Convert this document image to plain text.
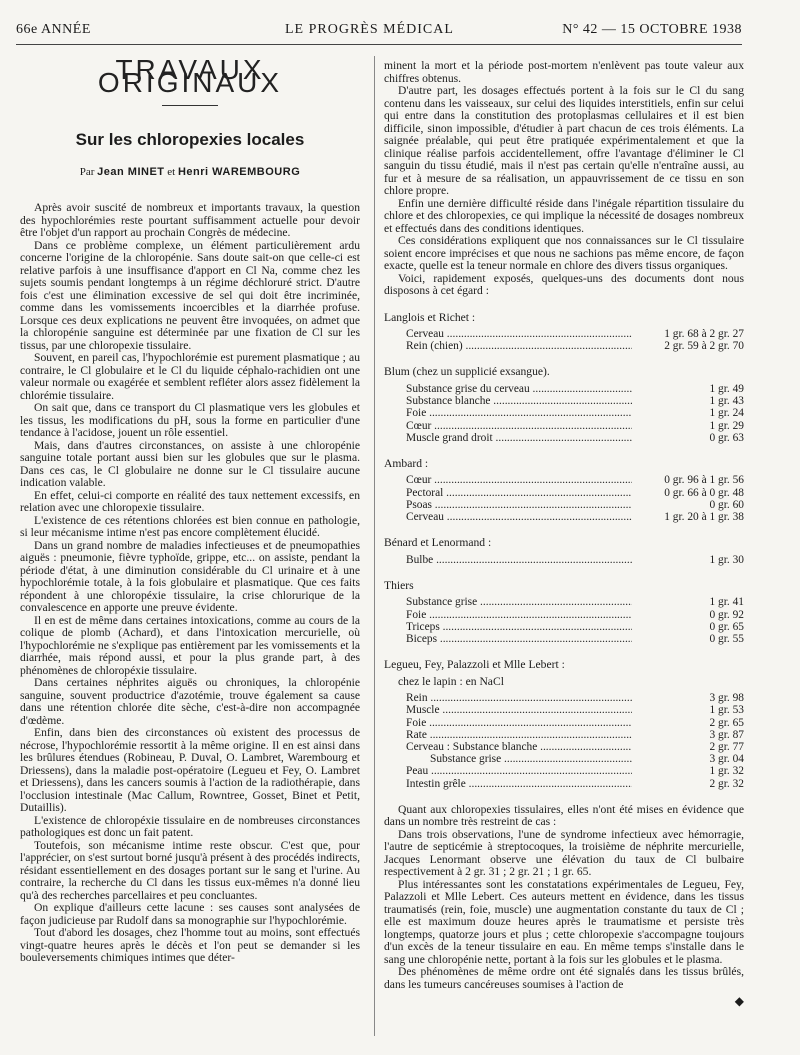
66e ANNÉE	LE PROGRÈS MÉDICAL	N° 42 — 15 OCTOBRE 1938
TRAVAUX ORIGINAUX
Sur les chloropexies locales
Par Jean MINET et Henri WAREMBOURG

Après avoir suscité de nombreux et importants travaux, la question des hypochlorémies reste pourtant suffisamment actuelle pour devoir être l'objet d'un rapport au prochain Congrès de médecine.

Dans ce problème complexe, un élément particulièrement ardu concerne l'origine de la chloropénie. Sans doute sait-on que celle-ci est relative parfois à une insuffisance d'apport en Cl Na, comme chez les sujets soumis pendant longtemps à un régime déchloruré strict. D'autre fois c'est une élimination excessive de sel qui doit être incriminée, comme dans les vomissements incoercibles et la diarrhée profuse. Lorsque ces deux explications ne peuvent être invoquées, on admet que la chloropénie sanguine est déterminée par une fixation de Cl sur les tissus, par une chloropexie tissulaire.

Souvent, en pareil cas, l'hypochlorémie est purement plasmatique ; au contraire, le Cl globulaire et le Cl du liquide céphalo-rachidien ont une valeur normale ou exagérée et semblent refléter alors assez fidèlement la chlorémie tissulaire.

On sait que, dans ce transport du Cl plasmatique vers les globules et les tissus, les modifications du pH, sous la forme en particulier d'une tendance à l'acidose, jouent un rôle essentiel.

Mais, dans d'autres circonstances, on assiste à une chloropénie sanguine totale portant aussi bien sur les globules que sur le plasma. Dans ces cas, le Cl globulaire ne donne sur le Cl tissulaire aucune indication valable.

En effet, celui-ci comporte en réalité des taux nettement excessifs, en relation avec une chloropexie tissulaire.

L'existence de ces rétentions chlorées est bien connue en pathologie, si leur mécanisme intime n'est pas encore complètement élucidé.

Dans un grand nombre de maladies infectieuses et de pneumopathies aiguës : pneumonie, fièvre typhoïde, grippe, etc... on assiste, pendant la période d'état, à une diminution considérable du Cl urinaire et à une hypochlorémie totale, à la fois globulaire et plasmatique. Que ces faits répondent à une chloropéxie tissulaire, la crise chlorurique de la convalescence en apporte une preuve évidente.

Il en est de même dans certaines intoxications, comme au cours de la colique de plomb (Achard), et dans l'intoxication mercurielle, où l'hypochlorémie ne s'explique pas entièrement par les vomissements et la diarrhée, mais répond aussi, et pour la plus grande part, à des phénomènes de chloropéxie tissulaire.

Dans certaines néphrites aiguës ou chroniques, la chloropénie sanguine, souvent productrice d'azotémie, trouve également sa cause dans une rétention chlorée dite sèche, c'est-à-dire non accompagnée d'œdème.

Enfin, dans bien des circonstances où existent des processus de nécrose, l'hypochlorémie ressortit à la même origine. Il en est ainsi dans les brûlures étendues (Robineau, P. Duval, O. Lambret, Warembourg et Driessens), dans la maladie post-opératoire (Legueu et Fey, O. Lambret et Driessens), dans les cancers soumis à l'action de la radiothérapie, dans l'occlusion intestinale (Mac Callum, Rowntree, Gosset, Binet et Petit, Dutaillis).

L'existence de chloropéxie tissulaire en de nombreuses circonstances pathologiques est donc un fait patent.

Toutefois, son mécanisme intime reste obscur. C'est que, pour l'apprécier, on s'est surtout borné jusqu'à présent à des procédés indirects, résidant essentiellement en des dosages portant sur le sang et l'urine. Au contraire, la recherche du Cl dans les tissus eux-mêmes n'a donné lieu qu'à des recherches parcellaires et peu concluantes.

On explique d'ailleurs cette lacune : ses causes sont analysées de façon judicieuse par Rudolf dans sa monographie sur l'hypochlorémie.

Tout d'abord les dosages, chez l'homme tout au moins, sont effectués vingt-quatre heures après le décès et l'on peut se demander si les bouleversements chimiques intimes que déter-

minent la mort et la période post-mortem n'enlèvent pas toute valeur aux chiffres obtenus.

D'autre part, les dosages effectués portent à la fois sur le Cl du sang contenu dans les vaisseaux, sur celui des liquides interstitiels, enfin sur celui qui entre dans la constitution des protoplasmas cellulaires et il est bien difficile, sinon impossible, d'étudier à part chacun de ces trois éléments. La saignée préalable, qui peut être pratiquée expérimentalement et que la clinique réalise parfois accidentellement, offre l'avantage d'éliminer le Cl sanguin du tissu étudié, mais il n'est pas certain qu'elle n'entraîne aussi, au fur et à mesure de sa réalisation, un appauvrissement de ce tissu en son chlore propre.

Enfin une dernière difficulté réside dans l'inégale répartition tissulaire du chlore et des chloropexies, ce qui implique la nécessité de dosages nombreux et effectués dans des conditions identiques.

Ces considérations expliquent que nos connaissances sur le Cl tissulaire soient encore imprécises et que nous ne sachions pas même encore, de façon exacte, quelle est la teneur normale en chlore des divers tissus organiques.

Voici, rapidement exposés, quelques-uns des documents dont nous disposons à cet égard :

Langlois et Richet :
Cerveau .....	1 gr. 68 à 2 gr. 27
Rein (chien) .....	2 gr. 59 à 2 gr. 70
Blum (chez un supplicié exsangue).
Substance grise du cerveau .....	1 gr. 49
Substance blanche .....	1 gr. 43
Foie .....	1 gr. 24
Cœur .....	1 gr. 29
Muscle grand droit .....	0 gr. 63
Ambard :
Cœur .....	0 gr. 96 à 1 gr. 56
Pectoral .....	0 gr. 66 à 0 gr. 48
Psoas .....	0 gr. 60
Cerveau .....	1 gr. 20 à 1 gr. 38
Bénard et Lenormand :
Bulbe .....	1 gr. 30
Thiers
Substance grise .....	1 gr. 41
Foie .....	0 gr. 92
Triceps .....	0 gr. 65
Biceps .....	0 gr. 55
Legueu, Fey, Palazzoli et Mlle Lebert :
chez le lapin : en NaCl
Rein .....	3 gr. 98
Muscle .....	1 gr. 53
Foie .....	2 gr. 65
Rate .....	3 gr. 87
Cerveau : Substance blanche .....	2 gr. 77
Substance grise .....	3 gr. 04
Peau .....	1 gr. 32
Intestin grêle .....	2 gr. 32

Quant aux chloropexies tissulaires, elles n'ont été mises en évidence que dans un nombre très restreint de cas :

Dans trois observations, l'une de syndrome infectieux avec hémorragie, l'autre de septicémie à streptocoques, la troisième de néphrite mercurielle, Jacques Lenormant observe une élévation du taux de Cl bulbaire respectivement à 2 gr. 31 ; 2 gr. 21 ; 1 gr. 65.

Plus intéressantes sont les constatations expérimentales de Legueu, Fey, Palazzoli et Mlle Lebert. Ces auteurs mettent en évidence, dans les tissus traumatisés (rein, foie, muscle) une augmentation constante du taux de Cl ; elle est maximum douze heures après le traumatisme et persiste très longtemps, quatorze jours et plus ; cette chloropexie s'accompagne toujours d'un excès de la teneur tissulaire en eau. En même temps s'installe dans le sang une chloropénie nette, portant à la fois sur les globules et le plasma.

Des phénomènes de même ordre ont été signalés dans les tissus brûlés, dans les tumeurs cancéreuses soumises à l'action de

◆
